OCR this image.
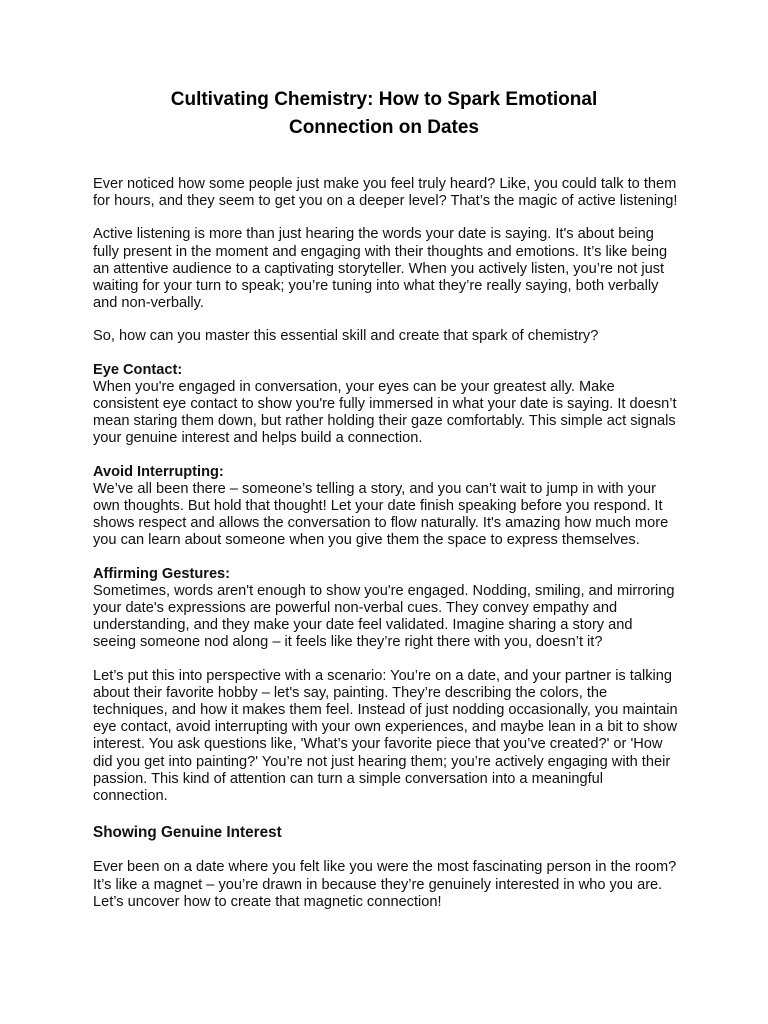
Cultivating Chemistry: How to Spark Emotional
Connection on Dates

Ever noticed how some people just make you feel truly heard? Like, you could talk to them for hours, and they seem to get you on a deeper level? That’s the magic of active listening!

Active listening is more than just hearing the words your date is saying. It's about being fully present in the moment and engaging with their thoughts and emotions. It’s like being an attentive audience to a captivating storyteller. When you actively listen, you’re not just waiting for your turn to speak; you’re tuning into what they’re really saying, both verbally and non-verbally.

So, how can you master this essential skill and create that spark of chemistry?

Eye Contact:
When you're engaged in conversation, your eyes can be your greatest ally. Make consistent eye contact to show you're fully immersed in what your date is saying. It doesn’t mean staring them down, but rather holding their gaze comfortably. This simple act signals your genuine interest and helps build a connection.

Avoid Interrupting:
We’ve all been there – someone’s telling a story, and you can’t wait to jump in with your own thoughts. But hold that thought! Let your date finish speaking before you respond. It shows respect and allows the conversation to flow naturally. It's amazing how much more you can learn about someone when you give them the space to express themselves.

Affirming Gestures:
Sometimes, words aren't enough to show you're engaged. Nodding, smiling, and mirroring your date's expressions are powerful non-verbal cues. They convey empathy and understanding, and they make your date feel validated. Imagine sharing a story and seeing someone nod along – it feels like they’re right there with you, doesn’t it?

Let’s put this into perspective with a scenario: You’re on a date, and your partner is talking about their favorite hobby – let's say, painting. They’re describing the colors, the techniques, and how it makes them feel. Instead of just nodding occasionally, you maintain eye contact, avoid interrupting with your own experiences, and maybe lean in a bit to show interest. You ask questions like, 'What’s your favorite piece that you’ve created?' or 'How did you get into painting?' You’re not just hearing them; you’re actively engaging with their passion. This kind of attention can turn a simple conversation into a meaningful connection.

Showing Genuine Interest

Ever been on a date where you felt like you were the most fascinating person in the room? It’s like a magnet – you’re drawn in because they’re genuinely interested in who you are. Let’s uncover how to create that magnetic connection!
